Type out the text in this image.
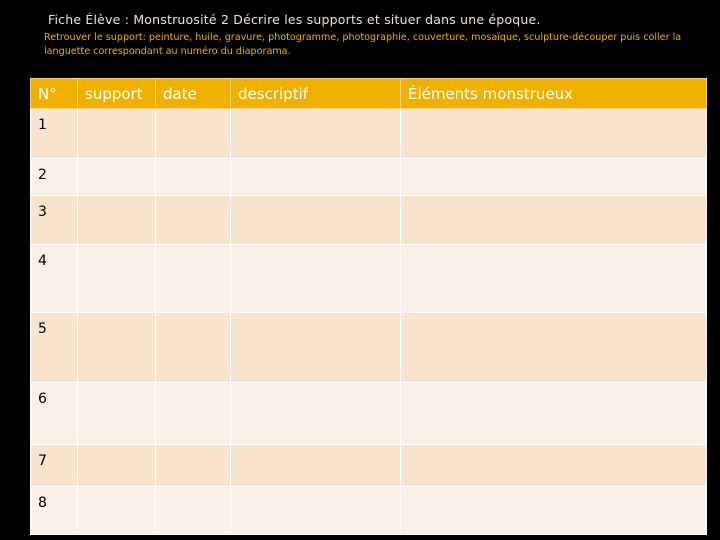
Fiche Élève : Monstruosité 2 Décrire les supports et situer dans une époque.
Retrouver le support: peinture, huile, gravure, photogramme, photographie, couverture, mosaïque, sculpture-découper puis coller la languette correspondant au numéro du diaporama.
N°	support	date	descriptif	Éléments monstrueux
1				
2				
3				
4				
5				
6				
7				
8				
